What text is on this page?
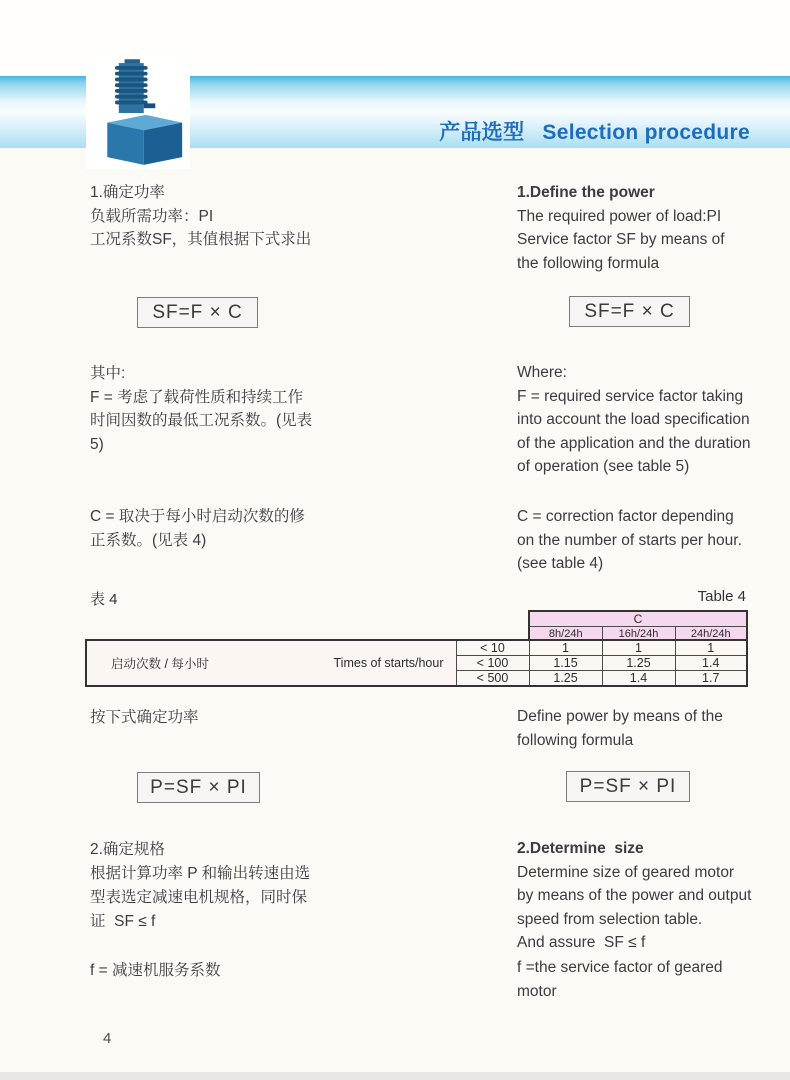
产品选型 Selection procedure

1.确定功率
负载所需功率：PI
工况系数SF，其值根据下式求出
1.Define the power
The required power of load:PI
Service factor SF by means of
the following formula
SF=F × C	SF=F × C
其中:
F = 考虑了载荷性质和持续工作
时间因数的最低工况系数。(见表
5)
Where:
F = required service factor taking
into account the load specification
of the application and the duration
of operation (see table 5)
C = 取决于每小时启动次数的修
正系数。(见表 4)
C = correction factor depending
on the number of starts per hour.
(see table 4)
表 4	Table 4
C
8h/24h	16h/24h	24h/24h
启动次数 / 每小时 Times of starts/hour	< 10	1	1	1
	< 100	1.15	1.25	1.4
	< 500	1.25	1.4	1.7
按下式确定功率	Define power by means of the
following formula
P=SF × PI	P=SF × PI
2.确定规格
根据计算功率 P 和输出转速由选
型表选定减速电机规格，同时保
证  SF ≤ f
2.Determine  size
Determine size of geared motor
by means of the power and output
speed from selection table.
And assure  SF ≤ f
f = 减速机服务系数	f =the service factor of geared
motor
4
